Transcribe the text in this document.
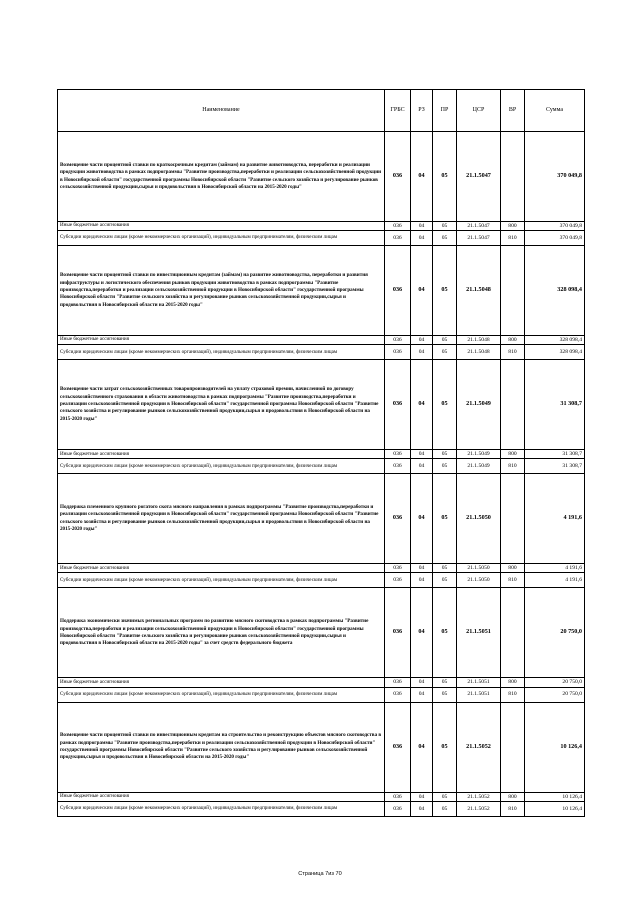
Наименование	ГРБС	РЗ	ПР	ЦСР	ВР	Сумма
Возмещение части процентной ставки по краткосрочным кредитам (займам) на развитие животноводства, переработки и реализации продукции животноводства в рамках подпрограммы "Развитие производства,переработки и реализации сельскохозяйственной продукции в Новосибирской области" государственной программы Новосибирской области "Развитие сельского хозяйства и регулирование рынков сельскохозяйственной продукции,сырья и продовольствия в Новосибирской области на 2015-2020 годы"	036	04	05	21.1.5047		370 049,8
Иные бюджетные ассигнования	036	04	05	21.1.5047	800	370 049,8
Субсидии юридическим лицам (кроме некоммерческих организаций), индивидуальным предпринимателям, физическим лицам	036	04	05	21.1.5047	810	370 049,8
Возмещение части процентной ставки по инвестиционным кредитам (займам) на развитие животноводства, переработки и развития инфраструктуры и логистического обеспечения рынков продукции животноводства в рамках подпрограммы "Развитие производства,переработки и реализации сельскохозяйственной продукции в Новосибирской области" государственной программы Новосибирской области "Развитие сельского хозяйства и регулирование рынков сельскохозяйственной продукции,сырья и продовольствия в Новосибирской области на 2015-2020 годы"	036	04	05	21.1.5048		328 098,4
Иные бюджетные ассигнования	036	04	05	21.1.5048	800	328 098,4
Субсидии юридическим лицам (кроме некоммерческих организаций), индивидуальным предпринимателям, физическим лицам	036	04	05	21.1.5048	810	328 098,4
Возмещение части затрат сельскохозяйственных товаропроизводителей на уплату страховой премии, начисленной по договору сельскохозяйственного страхования в области животноводства в рамках подпрограммы "Развитие производства,переработки и реализации сельскохозяйственной продукции в Новосибирской области" государственной программы Новосибирской области "Развитие сельского хозяйства и регулирование рынков сельскохозяйственной продукции,сырья и продовольствия в Новосибирской области на 2015-2020 годы"	036	04	05	21.1.5049		31 308,7
Иные бюджетные ассигнования	036	04	05	21.1.5049	800	31 308,7
Субсидии юридическим лицам (кроме некоммерческих организаций), индивидуальным предпринимателям, физическим лицам	036	04	05	21.1.5049	810	31 308,7
Поддержка племенного крупного рогатого скота мясного направления в рамках подпрограммы "Развитие производства,переработки и реализации сельскохозяйственной продукции в Новосибирской области" государственной программы Новосибирской области "Развитие сельского хозяйства и регулирование рынков сельскохозяйственной продукции,сырья и продовольствия в Новосибирской области на 2015-2020 годы"	036	04	05	21.1.5050		4 191,6
Иные бюджетные ассигнования	036	04	05	21.1.5050	800	4 191,6
Субсидии юридическим лицам (кроме некоммерческих организаций), индивидуальным предпринимателям, физическим лицам	036	04	05	21.1.5050	810	4 191,6
Поддержка экономически значимых региональных программ по развитию мясного скотоводства в рамках подпрограммы "Развитие производства,переработки и реализации сельскохозяйственной продукции в Новосибирской области" государственной программы Новосибирской области "Развитие сельского хозяйства и регулирование рынков сельскохозяйственной продукции,сырья и продовольствия в Новосибирской области на 2015-2020 годы" за счет средств федерального бюджета	036	04	05	21.1.5051		20 750,0
Иные бюджетные ассигнования	036	04	05	21.1.5051	800	20 750,0
Субсидии юридическим лицам (кроме некоммерческих организаций), индивидуальным предпринимателям, физическим лицам	036	04	05	21.1.5051	810	20 750,0
Возмещение части процентной ставки по инвестиционным кредитам на строительство и реконструкцию объектов мясного скотоводства в рамках подпрограммы "Развитие производства,переработки и реализации сельскохозяйственной продукции в Новосибирской области" государственной программы Новосибирской области "Развитие сельского хозяйства и регулирование рынков сельскохозяйственной продукции,сырья и продовольствия в Новосибирской области на 2015-2020 годы"	036	04	05	21.1.5052		10 126,4
Иные бюджетные ассигнования	036	04	05	21.1.5052	800	10 126,4
Субсидии юридическим лицам (кроме некоммерческих организаций), индивидуальным предпринимателям, физическим лицам	036	04	05	21.1.5052	810	10 126,4
Страница 7из 70
